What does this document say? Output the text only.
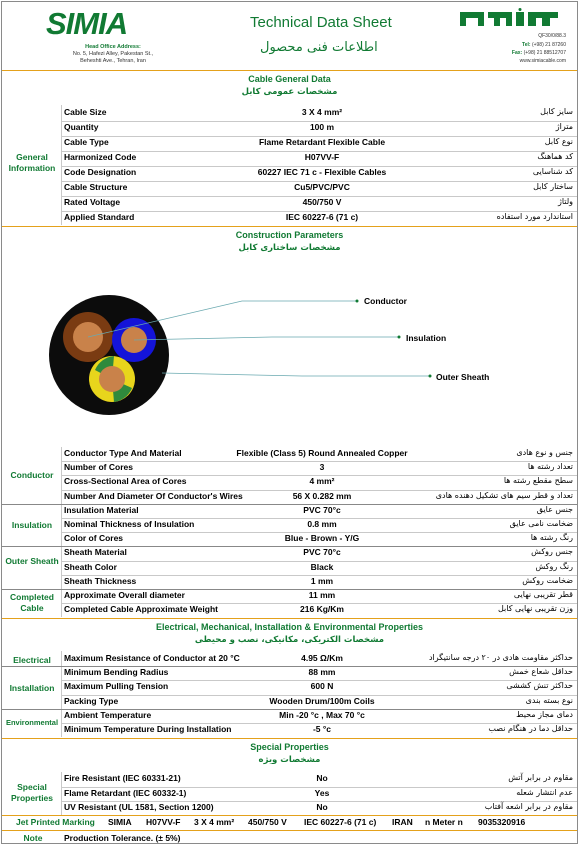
SIMIA
Head Office Address:
No. 5, Hafezi Alley, Pakestan St.,
Beheshti Ave., Tehran, Iran
Technical Data Sheet
اطلاعات فنی محصول
QF30/0/88.3
Tel: (+98) 21 87260
Fax: (+98) 21 88512707
www.simiacable.com
Cable General Data
مشخصات عمومی کابل
General Information
Cable Size	3 X 4 mm²	سایز کابل
Quantity	100 m	متراژ
Cable Type	Flame Retardant Flexible Cable	نوع کابل
Harmonized Code	H07VV-F	کد هماهنگ
Code Designation	60227 IEC 71 c - Flexible Cables	کد شناسایی
Cable Structure	Cu5/PVC/PVC	ساختار کابل
Rated Voltage	450/750 V	ولتاژ
Applied Standard	IEC 60227-6 (71 c)	استاندارد مورد استفاده
Construction Parameters
مشخصات ساختاری کابل
Conductor
Insulation
Outer Sheath
Conductor
Insulation
Outer Sheath
Completed Cable
Conductor Type And Material	Flexible (Class 5) Round Annealed Copper	جنس و نوع هادی
Number of Cores	3	تعداد رشته ها
Cross-Sectional Area of Cores	4 mm²	سطح مقطع رشته ها
Number And Diameter Of Conductor's Wires	56 X 0.282 mm	تعداد و قطر سیم های تشکیل دهنده هادی
Insulation Material	PVC 70°c	جنس عایق
Nominal Thickness of Insulation	0.8 mm	ضخامت نامی عایق
Color of Cores	Blue - Brown - Y/G	رنگ رشته ها
Sheath Material	PVC 70°c	جنس روکش
Sheath Color	Black	رنگ روکش
Sheath Thickness	1 mm	ضخامت روکش
Approximate Overall diameter	11 mm	قطر تقریبی نهایی
Completed Cable Approximate Weight	216 Kg/Km	وزن تقریبی نهایی کابل
Electrical, Mechanical, Installation & Environmental Properties
مشخصات الکتریکی، مکانیکی، نصب و محیطی
Electrical
Installation
Environmental
Maximum Resistance of Conductor at 20 °C	4.95 Ω/Km	حداکثر مقاومت هادی در ۲۰ درجه سانتیگراد
Minimum Bending Radius	88 mm	حداقل شعاع خمش
Maximum Pulling Tension	600 N	حداکثر تنش کششی
Packing Type	Wooden Drum/100m Coils	نوع بسته بندی
Ambient Temperature	Min -20 °c , Max 70 °c	دمای مجاز محیط
Minimum Temperature During Installation	-5 °c	حداقل دما در هنگام نصب
Special Properties
مشخصات ویژه
Special Properties
Fire Resistant (IEC 60331-21)	No	مقاوم در برابر آتش
Flame Retardant (IEC 60332-1)	Yes	عدم انتشار شعله
UV Resistant (UL 1581, Section 1200)	No	مقاوم در برابر اشعه آفتاب
Jet Printed Marking SIMIA H07VV-F 3 X 4 mm² 450/750 V IEC 60227-6 (71 c) IRAN n Meter n 9035320916
Note	Production Tolerance. (± 5%)
